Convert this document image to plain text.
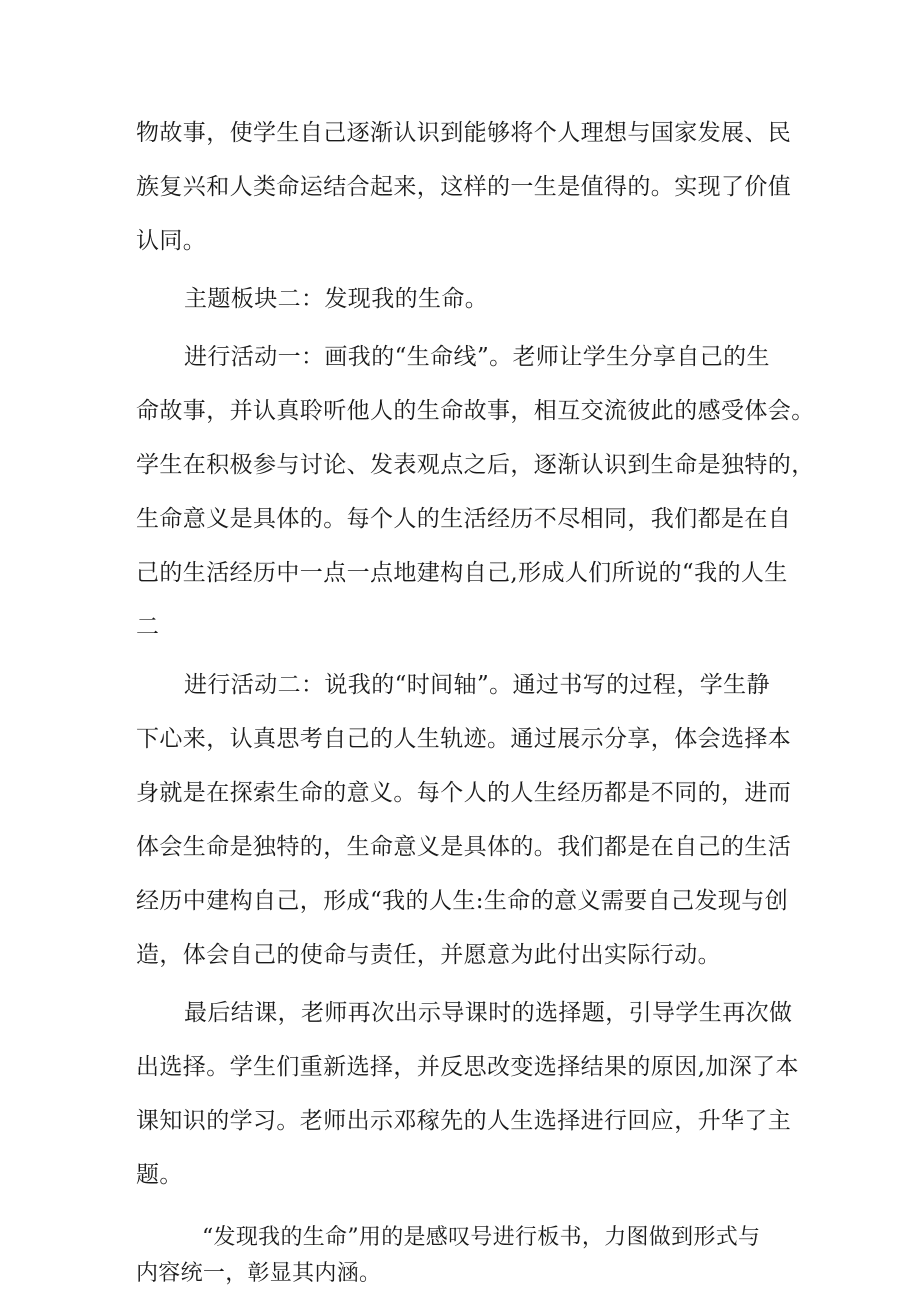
物故事，使学生自己逐渐认识到能够将个人理想与国家发展、民
族复兴和人类命运结合起来，这样的一生是值得的。实现了价值
认同。
主题板块二：发现我的生命。
进行活动一：画我的“生命线”。老师让学生分享自己的生
命故事，并认真聆听他人的生命故事，相互交流彼此的感受体会。
学生在积极参与讨论、发表观点之后，逐渐认识到生命是独特的，
生命意义是具体的。每个人的生活经历不尽相同，我们都是在自
己的生活经历中一点一点地建构自己,形成人们所说的“我的人生
二
进行活动二：说我的“时间轴”。通过书写的过程，学生静
下心来，认真思考自己的人生轨迹。通过展示分享，体会选择本
身就是在探索生命的意义。每个人的人生经历都是不同的，进而
体会生命是独特的，生命意义是具体的。我们都是在自己的生活
经历中建构自己，形成“我的人生:生命的意义需要自己发现与创
造，体会自己的使命与责任，并愿意为此付出实际行动。
最后结课，老师再次出示导课时的选择题，引导学生再次做
出选择。学生们重新选择，并反思改变选择结果的原因,加深了本
课知识的学习。老师出示邓稼先的人生选择进行回应，升华了主
题。
“发现我的生命”用的是感叹号进行板书，力图做到形式与
内容统一，彰显其内涵。
